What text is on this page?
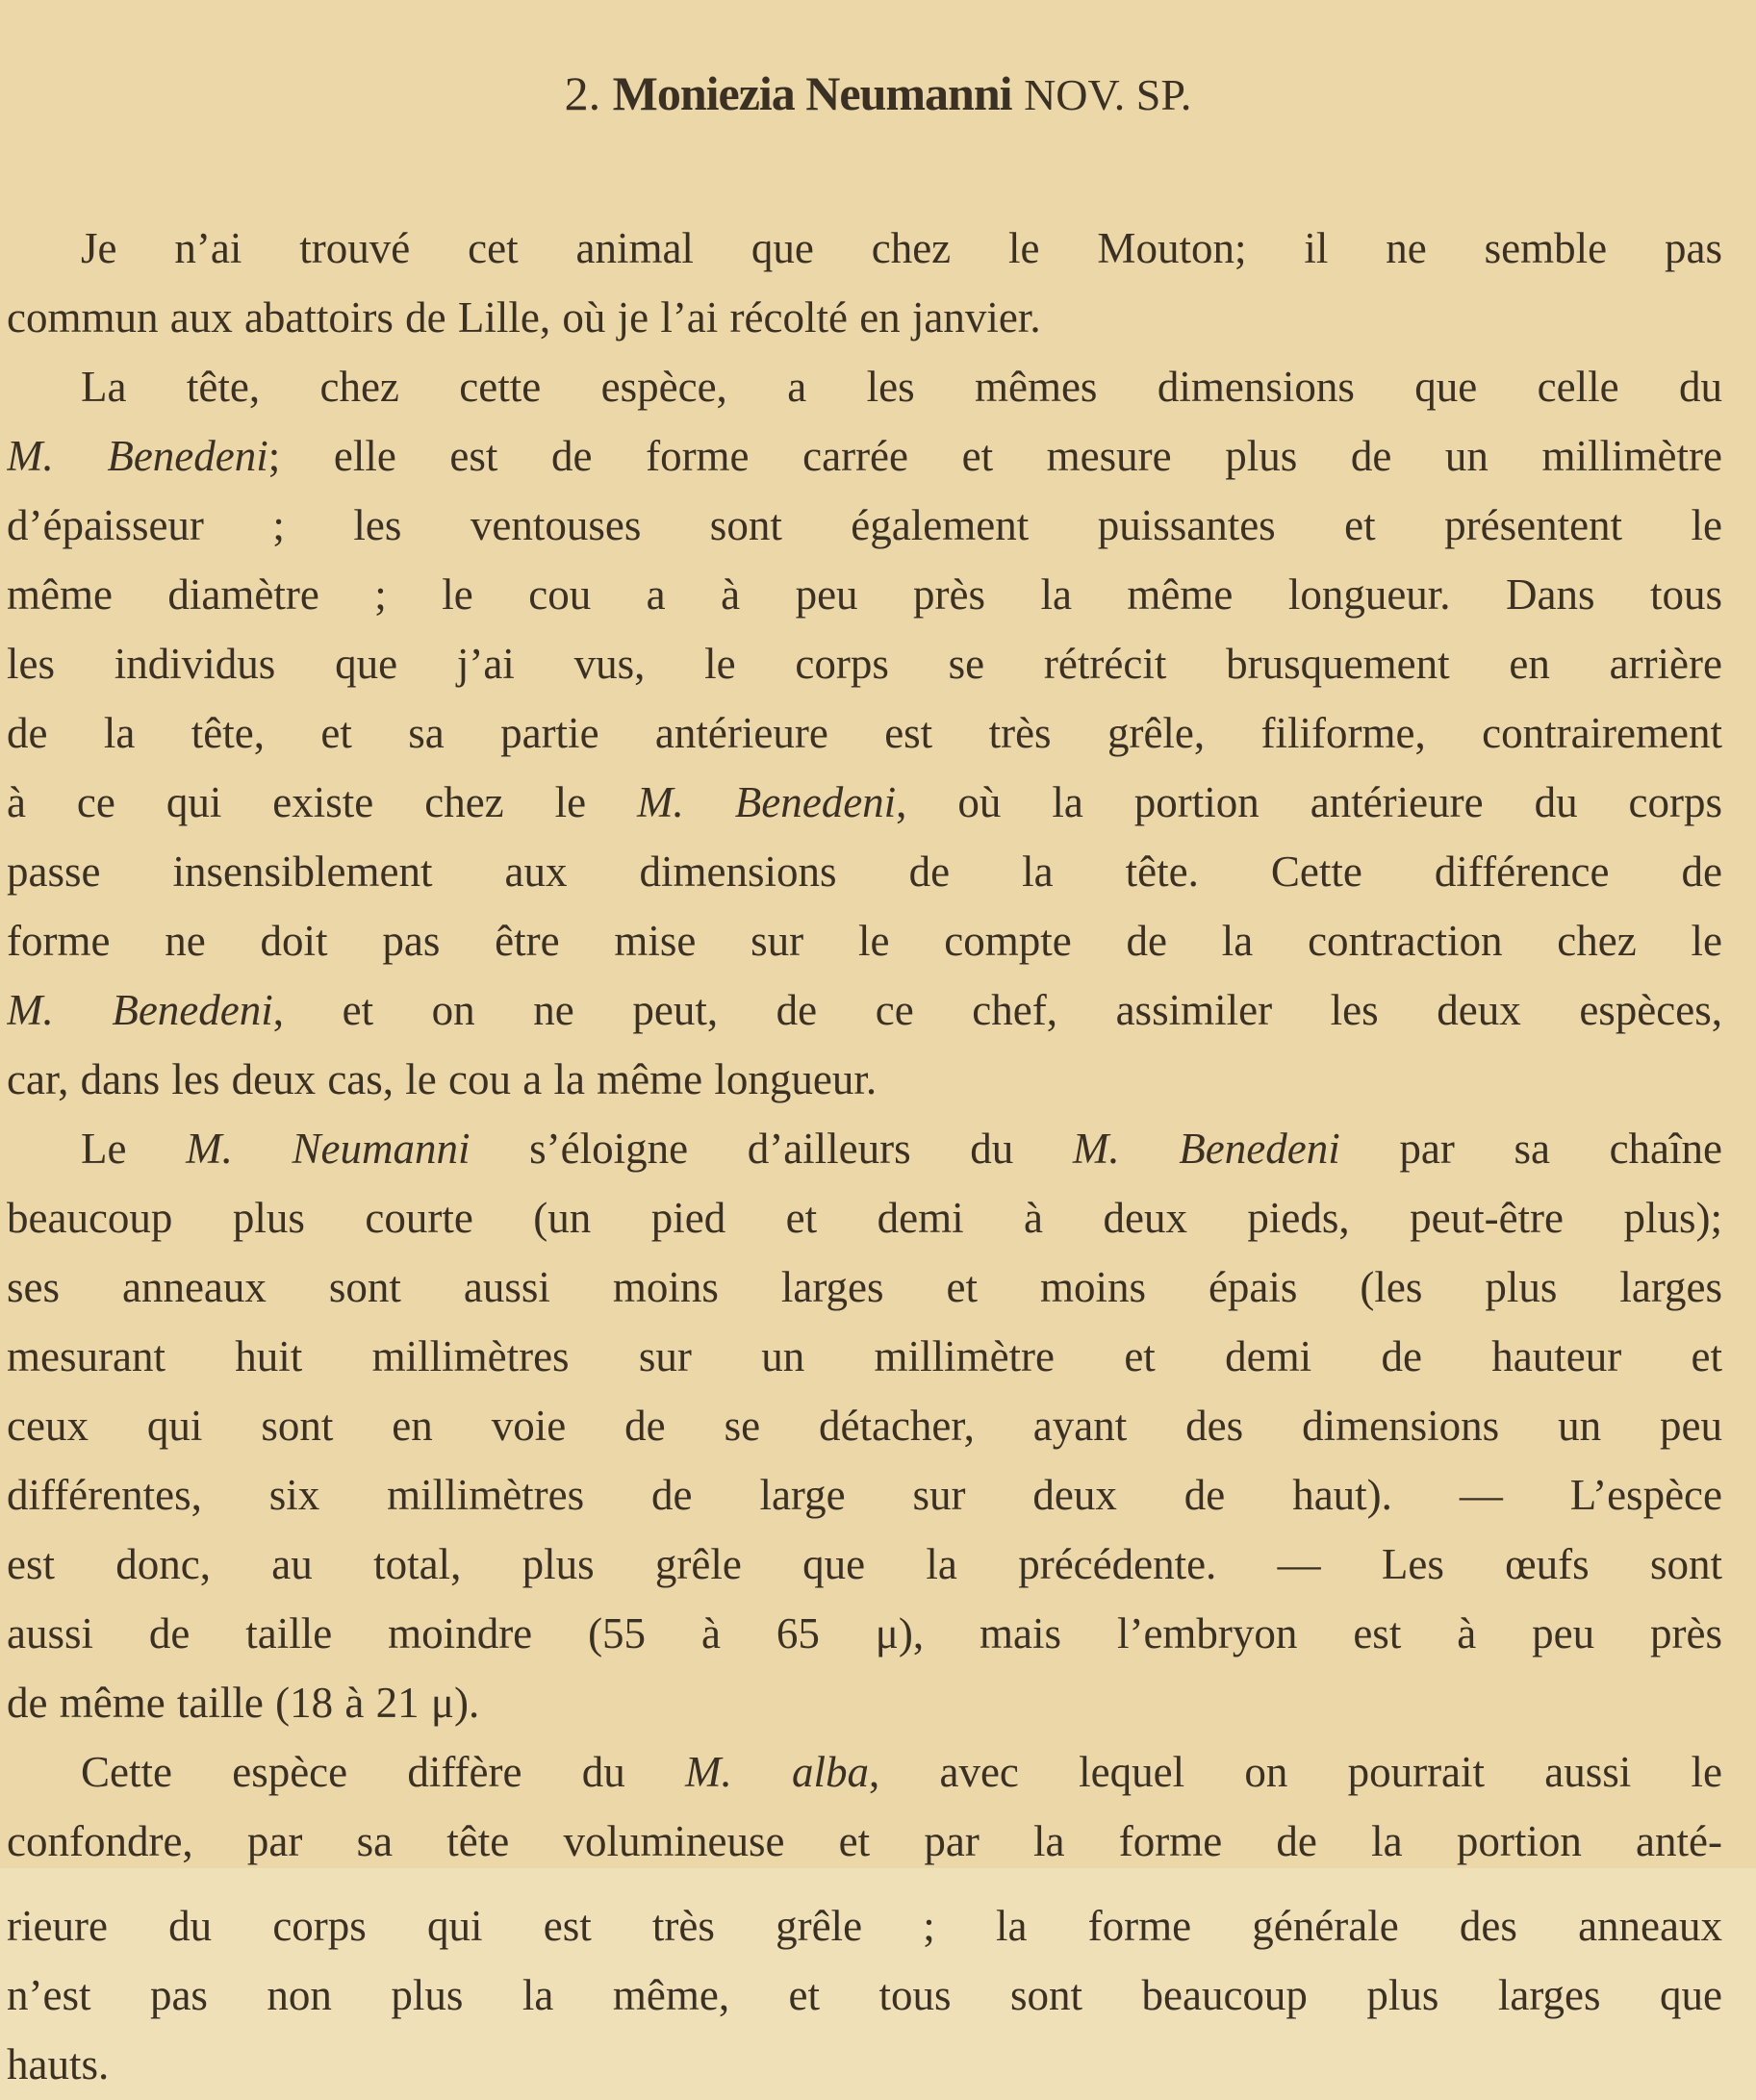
2. Moniezia Neumanni NOV. SP.
Je n’ai trouvé cet animal que chez le Mouton; il ne semble pas
commun aux abattoirs de Lille, où je l’ai récolté en janvier.
La tête, chez cette espèce, a les mêmes dimensions que celle du
M. Benedeni; elle est de forme carrée et mesure plus de un millimètre
d’épaisseur ; les ventouses sont également puissantes et présentent le
même diamètre ; le cou a à peu près la même longueur. Dans tous
les individus que j’ai vus, le corps se rétrécit brusquement en arrière
de la tête, et sa partie antérieure est très grêle, filiforme, contrairement
à ce qui existe chez le M. Benedeni, où la portion antérieure du corps
passe insensiblement aux dimensions de la tête. Cette différence de
forme ne doit pas être mise sur le compte de la contraction chez le
M. Benedeni, et on ne peut, de ce chef, assimiler les deux espèces,
car, dans les deux cas, le cou a la même longueur.
Le M. Neumanni s’éloigne d’ailleurs du M. Benedeni par sa chaîne
beaucoup plus courte (un pied et demi à deux pieds, peut-être plus);
ses anneaux sont aussi moins larges et moins épais (les plus larges
mesurant huit millimètres sur un millimètre et demi de hauteur et
ceux qui sont en voie de se détacher, ayant des dimensions un peu
différentes, six millimètres de large sur deux de haut). — L’espèce
est donc, au total, plus grêle que la précédente. — Les œufs sont
aussi de taille moindre (55 à 65 μ), mais l’embryon est à peu près
de même taille (18 à 21 μ).
Cette espèce diffère du M. alba, avec lequel on pourrait aussi le
confondre, par sa tête volumineuse et par la forme de la portion anté-
rieure du corps qui est très grêle ; la forme générale des anneaux
n’est pas non plus la même, et tous sont beaucoup plus larges que
hauts.
